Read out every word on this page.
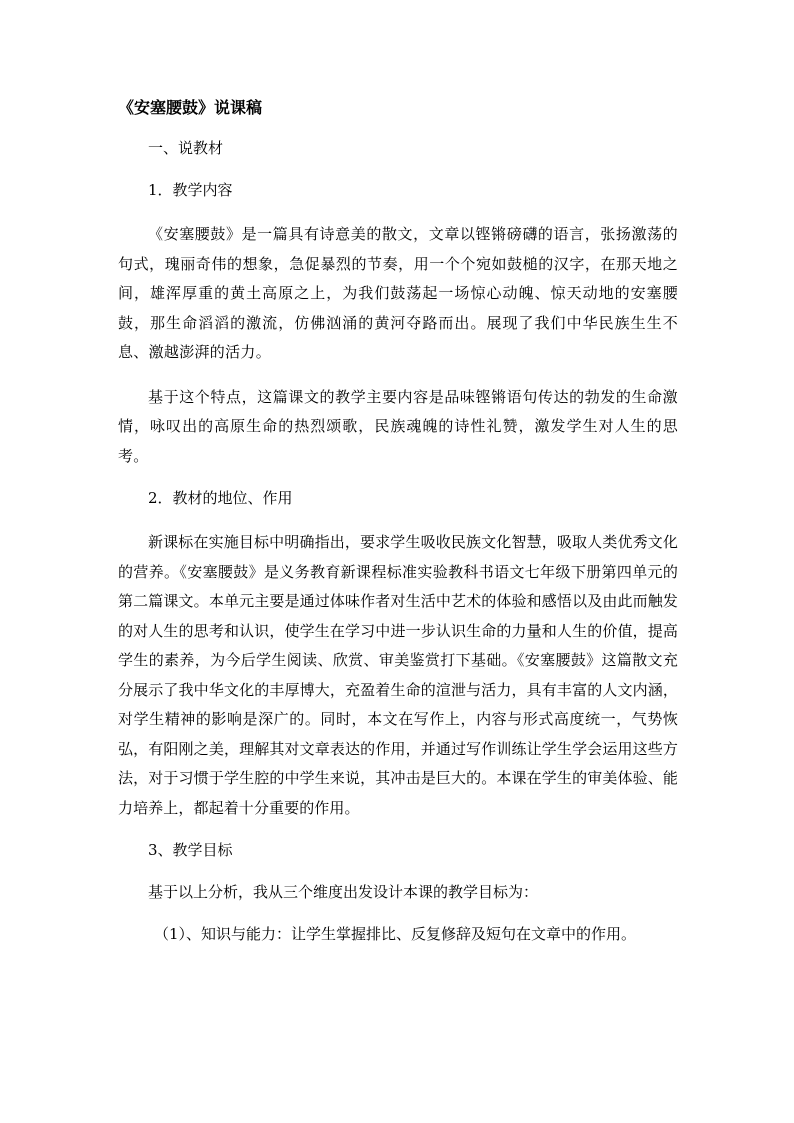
《安塞腰鼓》说课稿
一、说教材
1．教学内容

《安塞腰鼓》是一篇具有诗意美的散文，文章以铿锵磅礴的语言，张扬激荡的句式，瑰丽奇伟的想象，急促暴烈的节奏，用一个个宛如鼓槌的汉字，在那天地之间，雄浑厚重的黄土高原之上，为我们鼓荡起一场惊心动魄、惊天动地的安塞腰鼓，那生命滔滔的激流，仿佛汹涌的黄河夺路而出。展现了我们中华民族生生不息、激越澎湃的活力。

基于这个特点，这篇课文的教学主要内容是品味铿锵语句传达的勃发的生命激情，咏叹出的高原生命的热烈颂歌，民族魂魄的诗性礼赞，激发学生对人生的思考。

2．教材的地位、作用

新课标在实施目标中明确指出，要求学生吸收民族文化智慧，吸取人类优秀文化的营养。《安塞腰鼓》是义务教育新课程标准实验教科书语文七年级下册第四单元的第二篇课文。本单元主要是通过体味作者对生活中艺术的体验和感悟以及由此而触发的对人生的思考和认识，使学生在学习中进一步认识生命的力量和人生的价值，提高学生的素养，为今后学生阅读、欣赏、审美鉴赏打下基础。《安塞腰鼓》这篇散文充分展示了我中华文化的丰厚博大，充盈着生命的渲泄与活力，具有丰富的人文内涵，对学生精神的影响是深广的。同时，本文在写作上，内容与形式高度统一，气势恢弘，有阳刚之美，理解其对文章表达的作用，并通过写作训练让学生学会运用这些方法，对于习惯于学生腔的中学生来说，其冲击是巨大的。本课在学生的审美体验、能力培养上，都起着十分重要的作用。

3、教学目标
基于以上分析，我从三个维度出发设计本课的教学目标为：
（1）、知识与能力：让学生掌握排比、反复修辞及短句在文章中的作用。
